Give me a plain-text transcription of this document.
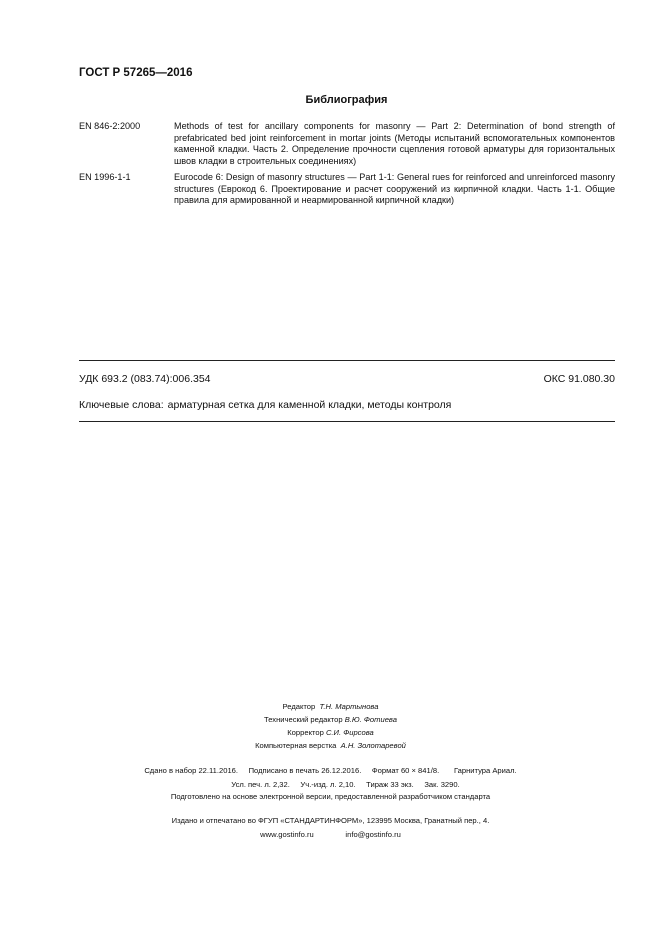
ГОСТ Р 57265—2016
Библиография
EN 846-2:2000	Methods of test for ancillary components for masonry — Part 2: Determination of bond strength of prefabricated bed joint reinforcement in mortar joints (Методы испытаний вспомогательных компонентов каменной кладки. Часть 2. Определение прочности сцепления готовой арматуры для горизонтальных швов кладки в строительных соединениях)
EN 1996-1-1	Eurocode 6: Design of masonry structures — Part 1-1: General rues for reinforced and unreinforced masonry structures (Еврокод 6. Проектирование и расчет сооружений из кирпичной кладки. Часть 1-1. Общие правила для армированной и неармированной кирпичной кладки)
УДК 693.2 (083.74):006.354	ОКС 91.080.30
Ключевые слова: арматурная сетка для каменной кладки, методы контроля
Редактор Т.Н. Мартынова
Технический редактор В.Ю. Фотиева
Корректор С.И. Фирсова
Компьютерная верстка А.Н. Золотаревой
Сдано в набор 22.11.2016. Подписано в печать 26.12.2016. Формат 60 × 841/8.       Гарнитура Ариал.
Усл. печ. л. 2,32. Уч.-изд. л. 2,10. Тираж 33 экз. Зак. 3290.
Подготовлено на основе электронной версии, предоставленной разработчиком стандарта
Издано и отпечатано во ФГУП «СТАНДАРТИНФОРМ», 123995 Москва, Гранатный пер., 4.
www.gostinfo.ru	info@gostinfo.ru
